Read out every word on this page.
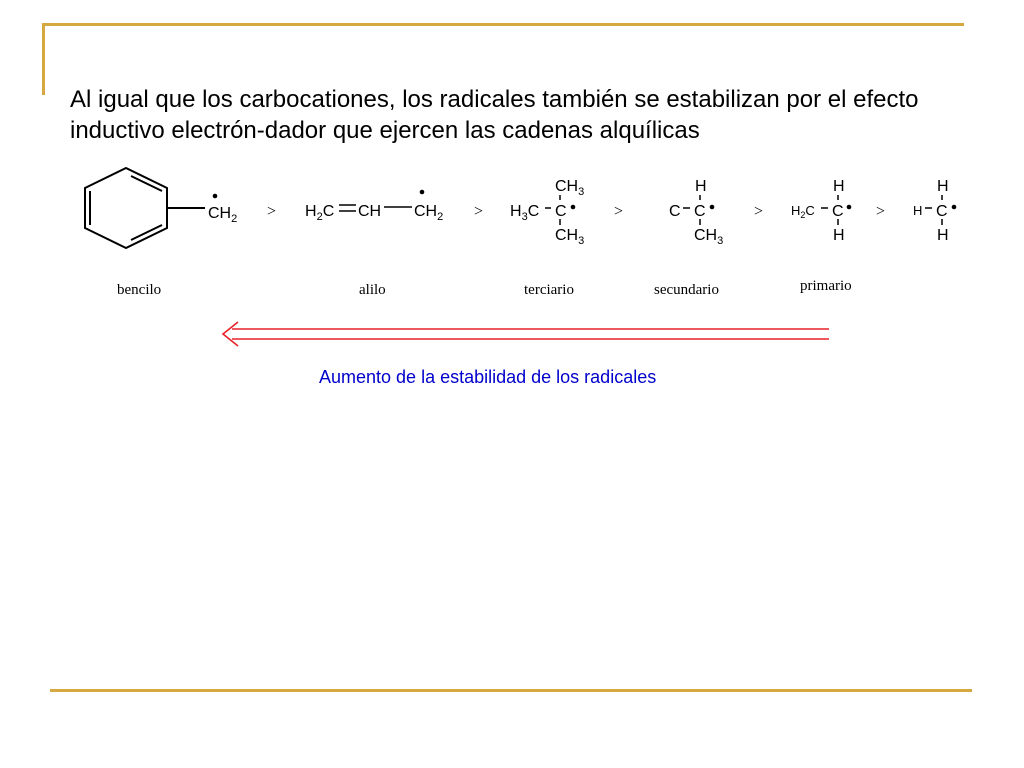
Al igual que los carbocationes, los radicales también se estabilizan por el efecto
inductivo electrón-dador que ejercen las cadenas alquílicas

$CH_2 > H_2C$ CH $CH_2$ >
$CH_3$
$H_3C$ C
$CH_3$
>
H
C C
$CH_3$
>
H
$H_2C$ C
H
>
H
H C
H
bencilo	alilo	terciario	secundario	primario

Aumento de la estabilidad de los radicales
